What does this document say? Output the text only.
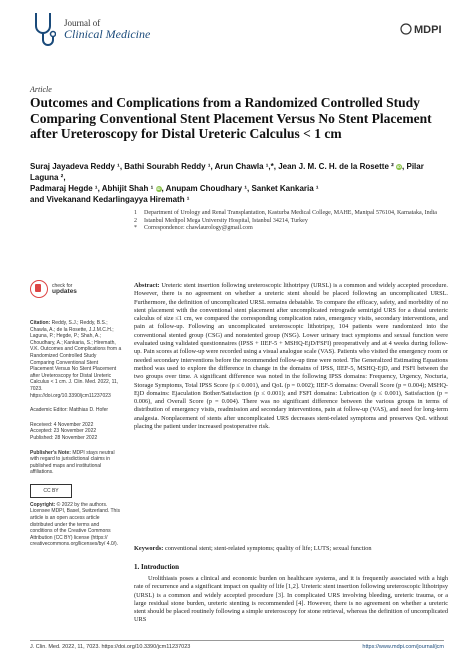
Journal of
Clinical Medicine	MDPI
Article
Outcomes and Complications from a Randomized Controlled Study Comparing Conventional Stent Placement Versus No Stent Placement after Ureteroscopy for Distal Ureteric Calculus < 1 cm
Suraj Jayadeva Reddy ¹, Bathi Sourabh Reddy ¹, Arun Chawla ¹,*, Jean J. M. C. H. de la Rosette ² iD, Pilar Laguna ²,
Padmaraj Hegde ¹, Abhijit Shah ¹ iD, Anupam Choudhary ¹, Sanket Kankaria ¹
and Vivekanand Kedarlingayya Hiremath ¹
1	Department of Urology and Renal Transplantation, Kasturba Medical College, MAHE, Manipal 576104, Karnataka, India
2	Istanbul Medipol Mega University Hospital, Istanbul 34214, Turkey
*	Correspondence: chawlaurology@gmail.com
check for
updates
Citation: Reddy, S.J.; Reddy, B.S.; Chawla, A.; de la Rosette, J.J.M.C.H.; Laguna, P.; Hegde, P.; Shah, A.; Choudhary, A.; Kankaria, S.; Hiremath, V.K. Outcomes and Complications from a Randomized Controlled Study Comparing Conventional Stent Placement Versus No Stent Placement after Ureteroscopy for Distal Ureteric Calculus < 1 cm. J. Clin. Med. 2022, 11, 7023. https://doi.org/10.3390/jcm11237023
Academic Editor: Matthias D. Hofer
Received: 4 November 2022
Accepted: 23 November 2022
Published: 28 November 2022
Publisher's Note: MDPI stays neutral with regard to jurisdictional claims in published maps and institutional affiliations.
CC BY
Copyright: © 2022 by the authors. Licensee MDPI, Basel, Switzerland. This article is an open access article distributed under the terms and conditions of the Creative Commons Attribution (CC BY) license (https:// creativecommons.org/licenses/by/ 4.0/).
Abstract: Ureteric stent insertion following ureteroscopic lithotripsy (URSL) is a common and widely accepted procedure. However, there is no agreement on whether a ureteric stent should be placed following an uncomplicated URSL. Furthermore, the definition of uncomplicated URSL remains debatable. To compare the efficacy, safety, and morbidity of no stent placement with the conventional stent placement after uncomplicated retrograde semirigid URS for a distal ureteric calculus of size ≤1 cm, we compared the corresponding complication rates, emergency visits, secondary interventions, and pain at follow-up. Following an uncomplicated ureteroscopic lithotripsy, 104 patients were randomized into the conventional stented group (CSG) and nonstented group (NSG). Lower urinary tract symptoms and sexual function were evaluated using validated questionnaires (IPSS + IIEF-5 + MSHQ-EjD/FSFI) preoperatively and at 4 weeks during follow-up. Pain scores at follow-up were recorded using a visual analogue scale (VAS). Patients who visited the emergency room or needed secondary interventions before the recommended follow-up time were noted. The Generalized Estimating Equations method was used to explore the difference in change in the domains of IPSS, IIEF-5, MSHQ-EjD, and FSFI between the two groups over time. A significant difference was noted in the following IPSS domains: Frequency, Urgency, Nocturia, Storage Symptoms, Total IPSS Score (p ≤ 0.001), and QoL (p = 0.002); IIEF-5 domains: Overall Score (p = 0.004); MSHQ-EjD domains: Ejaculation Bother/Satisfaction (p ≤ 0.001); and FSFI domains: Lubrication (p ≤ 0.001), Satisfaction (p = 0.006), and Overall Score (p = 0.004). There was no significant difference between the various groups in terms of distribution of emergency visits, readmission and secondary interventions, pain at follow-up (VAS), and need for long-term analgesia. Nonplacement of stents after uncomplicated URS decreases stent-related symptoms and preserves QoL without placing the patient under increased postoperative risk.
Keywords: conventional stent; stent-related symptoms; quality of life; LUTS; sexual function
1. Introduction
Urolithiasis poses a clinical and economic burden on healthcare systems, and it is frequently associated with a high rate of recurrence and a significant impact on quality of life [1,2]. Ureteric stent insertion following ureteroscopic lithotripsy (URSL) is a common and widely accepted procedure [3]. In complicated URS involving bleeding, ureteric trauma, or a large residual stone burden, ureteric stenting is recommended [4]. However, there is no agreement on whether a ureteric stent should be placed routinely following a simple ureteroscopy for stone retrieval, whereas the definition of uncomplicated URS
J. Clin. Med. 2022, 11, 7023. https://doi.org/10.3390/jcm11237023	https://www.mdpi.com/journal/jcm
